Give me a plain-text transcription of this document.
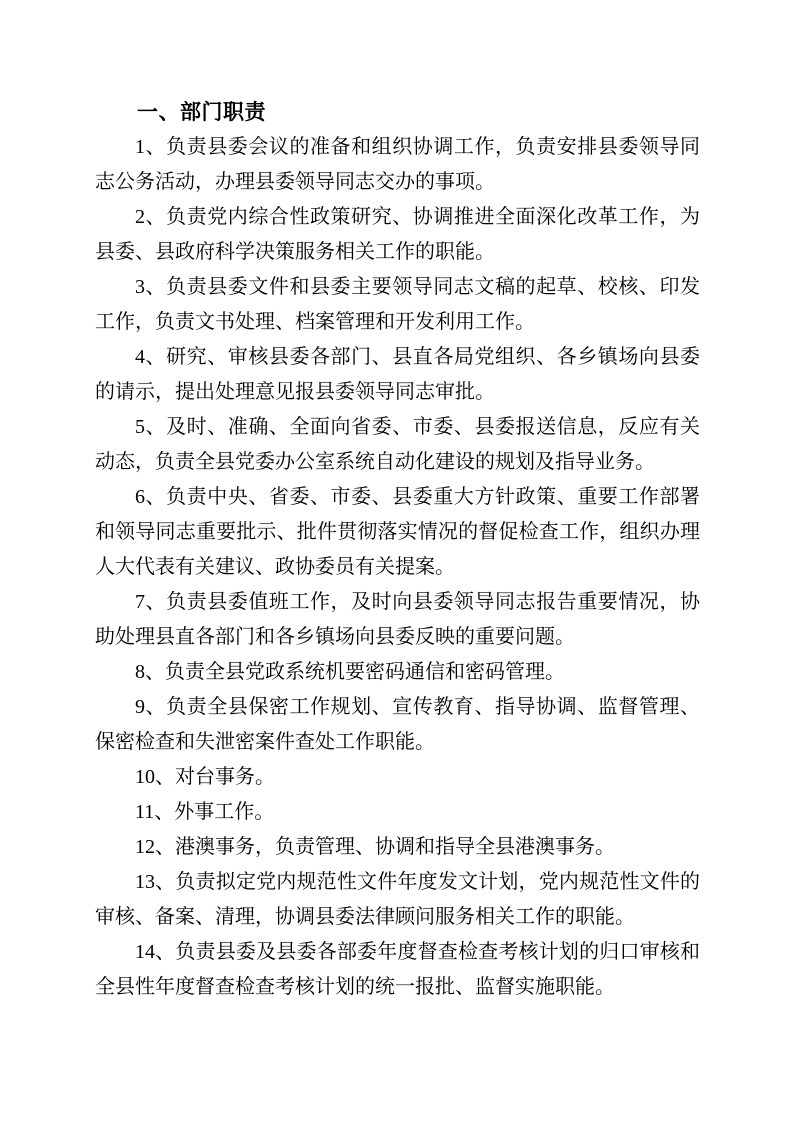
一、部门职责

1、负责县委会议的准备和组织协调工作，负责安排县委领导同志公务活动，办理县委领导同志交办的事项。

2、负责党内综合性政策研究、协调推进全面深化改革工作，为县委、县政府科学决策服务相关工作的职能。

3、负责县委文件和县委主要领导同志文稿的起草、校核、印发工作，负责文书处理、档案管理和开发利用工作。

4、研究、审核县委各部门、县直各局党组织、各乡镇场向县委的请示，提出处理意见报县委领导同志审批。

5、及时、准确、全面向省委、市委、县委报送信息，反应有关动态，负责全县党委办公室系统自动化建设的规划及指导业务。

6、负责中央、省委、市委、县委重大方针政策、重要工作部署和领导同志重要批示、批件贯彻落实情况的督促检查工作，组织办理人大代表有关建议、政协委员有关提案。

7、负责县委值班工作，及时向县委领导同志报告重要情况，协助处理县直各部门和各乡镇场向县委反映的重要问题。

8、负责全县党政系统机要密码通信和密码管理。

9、负责全县保密工作规划、宣传教育、指导协调、监督管理、保密检查和失泄密案件查处工作职能。

10、对台事务。

11、外事工作。

12、港澳事务，负责管理、协调和指导全县港澳事务。

13、负责拟定党内规范性文件年度发文计划，党内规范性文件的审核、备案、清理，协调县委法律顾问服务相关工作的职能。

14、负责县委及县委各部委年度督查检查考核计划的归口审核和全县性年度督查检查考核计划的统一报批、监督实施职能。
